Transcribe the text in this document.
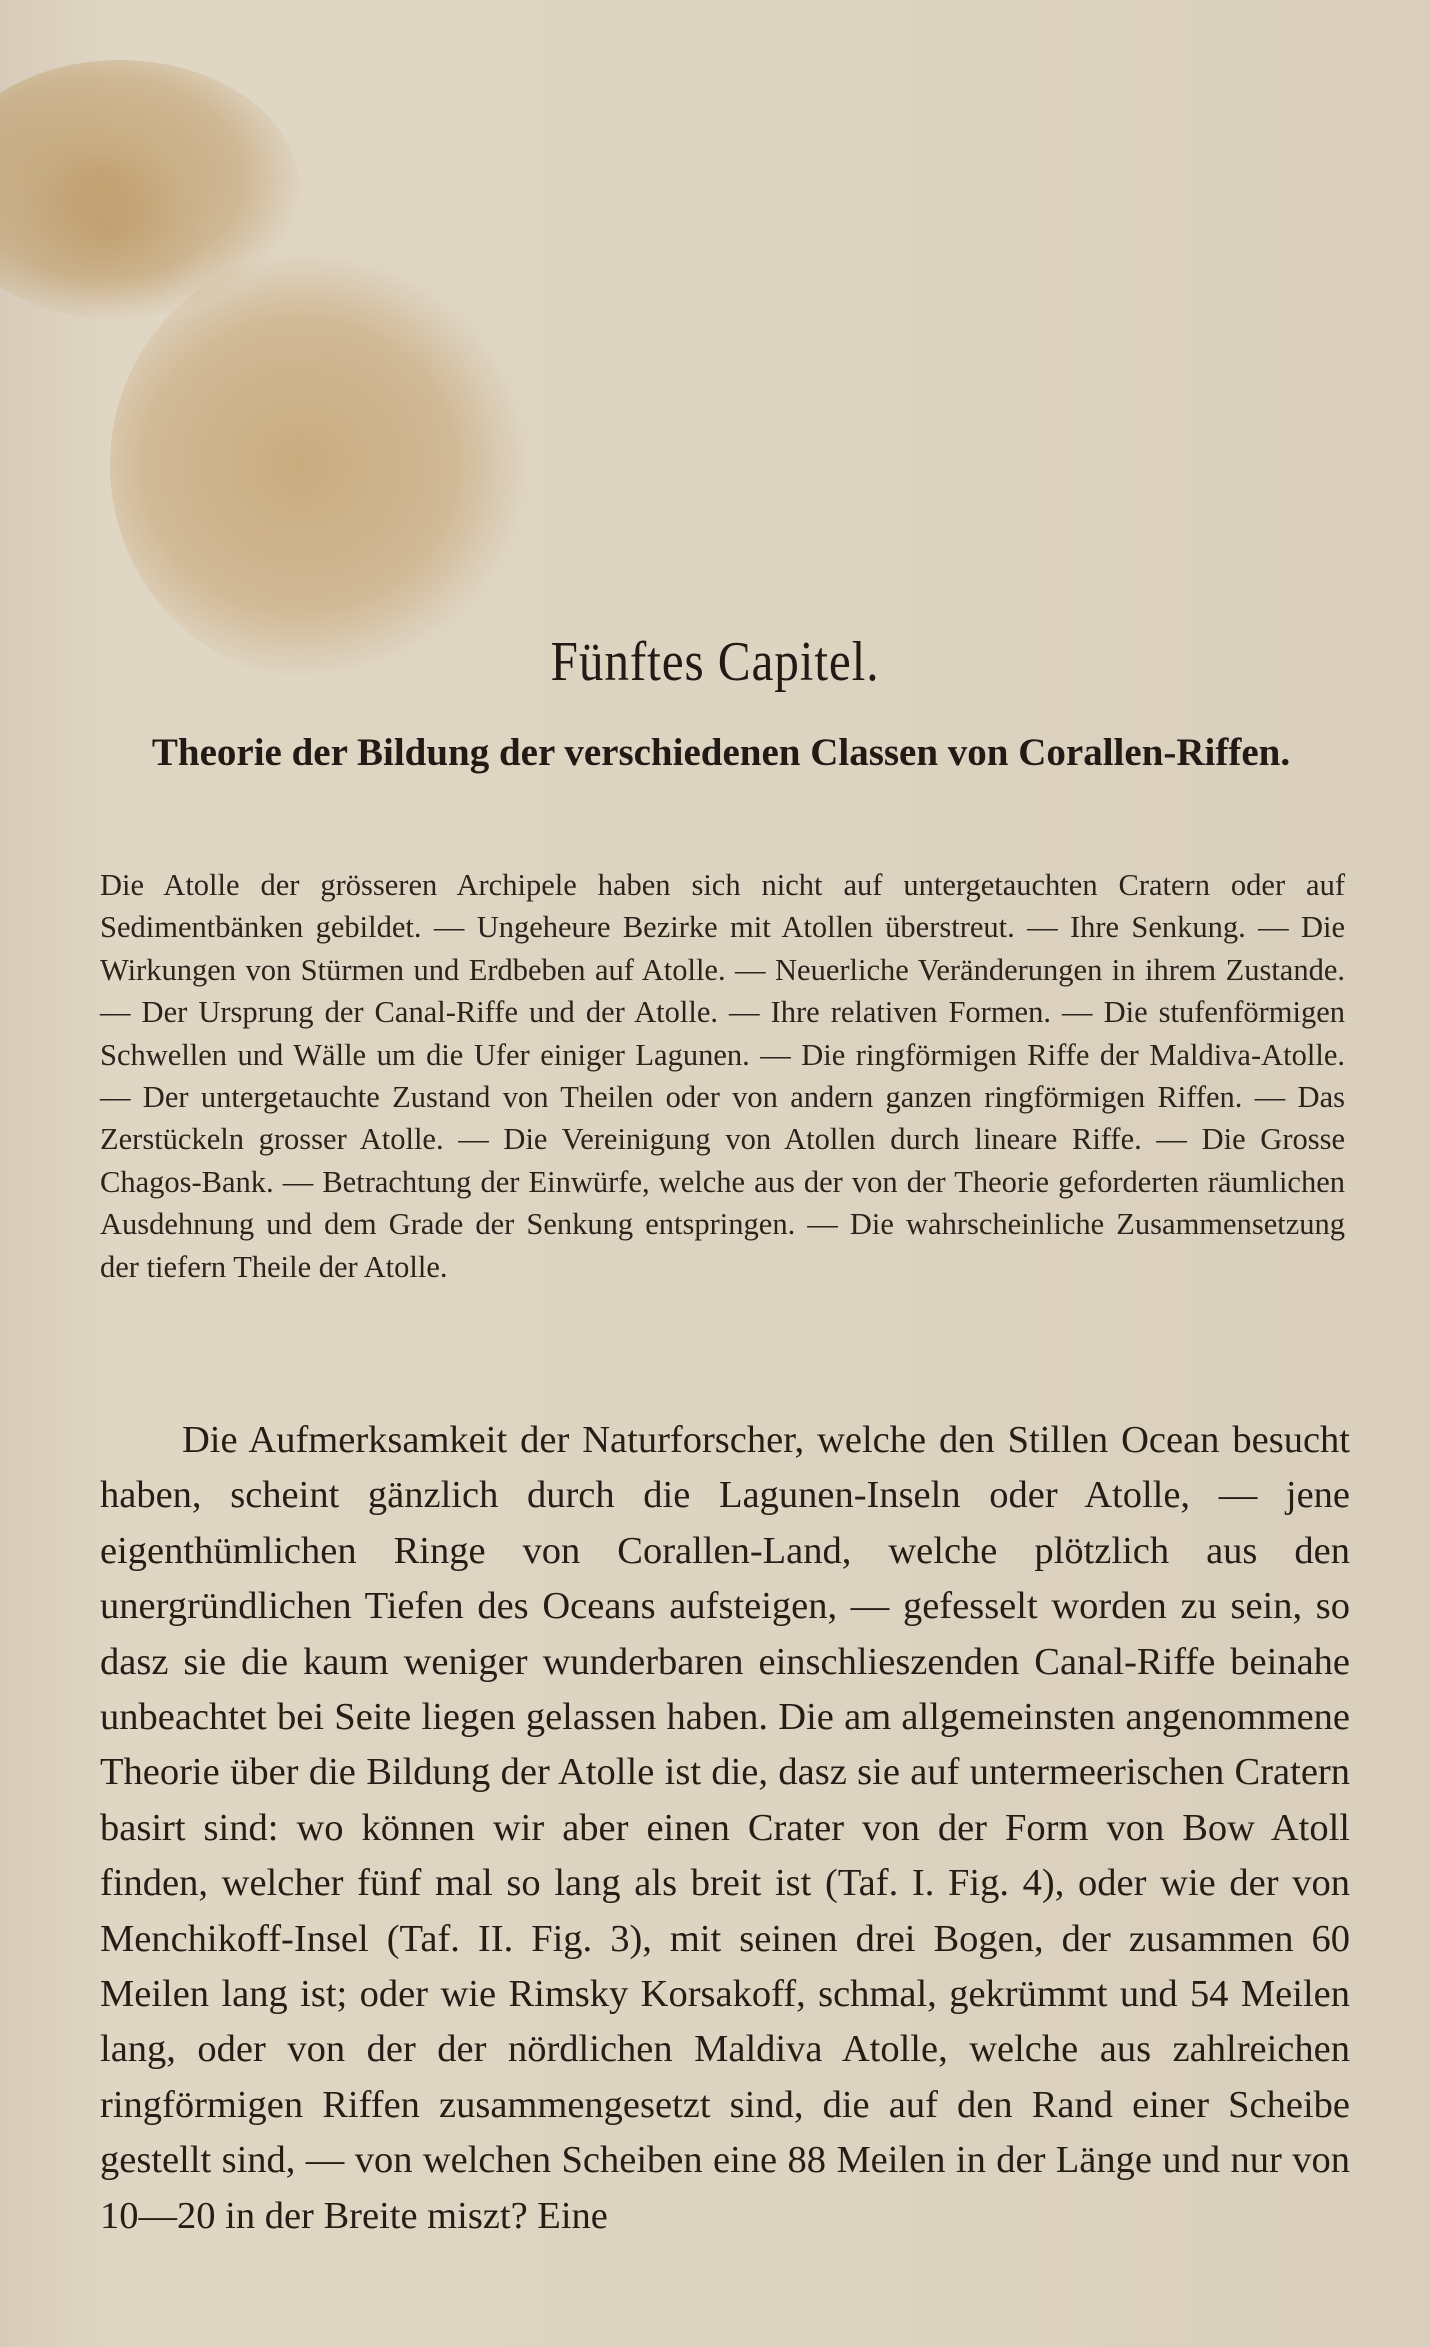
Fünftes Capitel.
Theorie der Bildung der verschiedenen Classen von Corallen-Riffen.

Die Atolle der grösseren Archipele haben sich nicht auf untergetauchten Cratern oder auf Sedimentbänken gebildet. — Ungeheure Bezirke mit Atollen überstreut. — Ihre Senkung. — Die Wirkungen von Stürmen und Erdbeben auf Atolle. — Neuerliche Veränderungen in ihrem Zustande. — Der Ursprung der Canal-Riffe und der Atolle. — Ihre relativen Formen. — Die stufenförmigen Schwellen und Wälle um die Ufer einiger Lagunen. — Die ringförmigen Riffe der Maldiva-Atolle. — Der untergetauchte Zustand von Theilen oder von andern ganzen ringförmigen Riffen. — Das Zerstückeln grosser Atolle. — Die Vereinigung von Atollen durch lineare Riffe. — Die Grosse Chagos-Bank. — Betrachtung der Einwürfe, welche aus der von der Theorie geforderten räumlichen Ausdehnung und dem Grade der Senkung entspringen. — Die wahrscheinliche Zusammensetzung der tiefern Theile der Atolle.

Die Aufmerksamkeit der Naturforscher, welche den Stillen Ocean besucht haben, scheint gänzlich durch die Lagunen-Inseln oder Atolle, — jene eigenthümlichen Ringe von Corallen-Land, welche plötzlich aus den unergründlichen Tiefen des Oceans aufsteigen, — gefesselt worden zu sein, so dasz sie die kaum weniger wunderbaren einschlieszenden Canal-Riffe beinahe unbeachtet bei Seite liegen gelassen haben. Die am allgemeinsten angenommene Theorie über die Bildung der Atolle ist die, dasz sie auf untermeerischen Cratern basirt sind: wo können wir aber einen Crater von der Form von Bow Atoll finden, welcher fünf mal so lang als breit ist (Taf. I. Fig. 4), oder wie der von Menchikoff-Insel (Taf. II. Fig. 3), mit seinen drei Bogen, der zusammen 60 Meilen lang ist; oder wie Rimsky Korsakoff, schmal, gekrümmt und 54 Meilen lang, oder von der der nördlichen Maldiva Atolle, welche aus zahlreichen ringförmigen Riffen zusammengesetzt sind, die auf den Rand einer Scheibe gestellt sind, — von welchen Scheiben eine 88 Meilen in der Länge und nur von 10—20 in der Breite miszt? Eine
